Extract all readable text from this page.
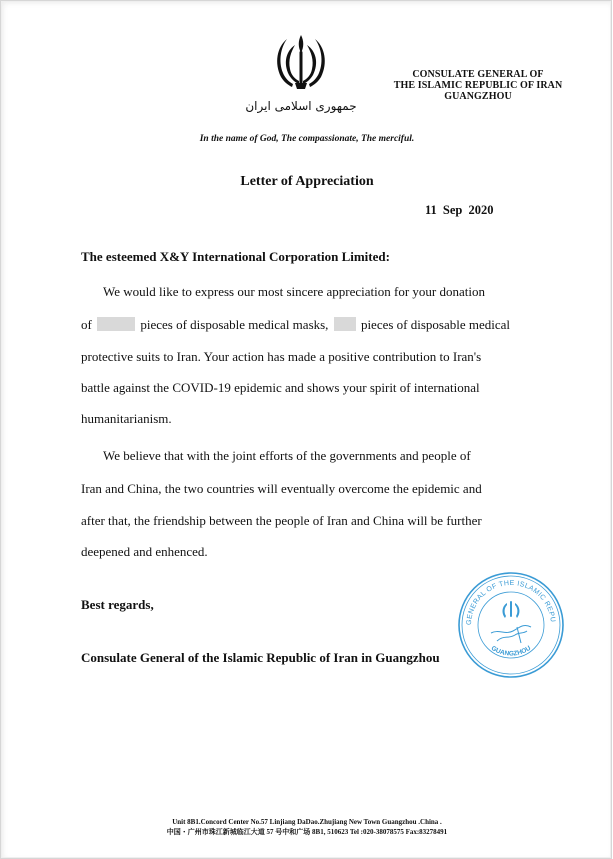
جمهوری اسلامی ایران
CONSULATE GENERAL OF
THE ISLAMIC REPUBLIC OF IRAN
GUANGZHOU
In the name of God, The compassionate, The merciful.
Letter of Appreciation
11 Sep 2020
The esteemed X&Y International Corporation Limited:
We would like to express our most sincere appreciation for your donation
of	pieces of disposable medical masks,	pieces of disposable medical
protective suits to Iran. Your action has made a positive contribution to Iran's
battle against the COVID-19 epidemic and shows your spirit of international
humanitarianism.
We believe that with the joint efforts of the governments and people of
Iran and China, the two countries will eventually overcome the epidemic and
after that, the friendship between the people of Iran and China will be further
deepened and enhenced.
Best regards,
Consulate General of the Islamic Republic of Iran in Guangzhou
GENERAL OF THE ISLAMIC REPU
GUANGZHOU
Unit 8B1.Concord Center No.57 Linjiang DaDao.Zhujiang New Town Guangzhou .China .
中国・广州市珠江新城临江大道 57 号中和广场 8B1, 510623 Tel :020-38078575 Fax:83278491
